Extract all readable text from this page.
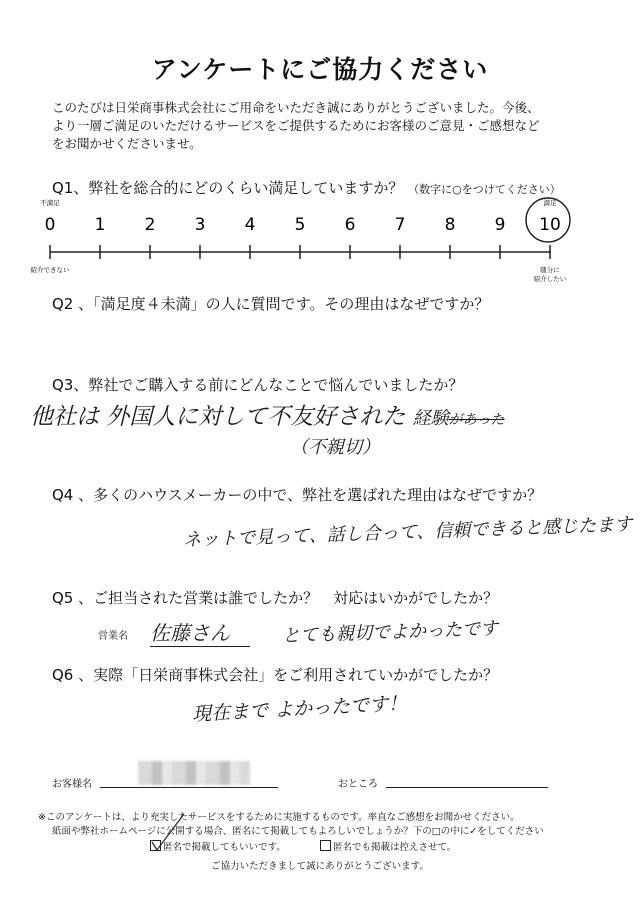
アンケートにご協力ください
このたびは日栄商事株式会社にご用命をいただき誠にありがとうございました。今後、
より一層ご満足のいただけるサービスをご提供するためにお客様のご意見・ご感想など
をお聞かせくださいませ。
Q1、弊社を総合的にどのくらい満足していますか？ （数字に○をつけてください）
不満足	満足
0 1 2 3 4 5 6 7 8 9 10
紹介できない	随分に
紹介したい
Q2 、「満足度４未満」の人に質問です。その理由はなぜですか？
Q3、弊社でご購入する前にどんなことで悩んでいましたか？
他社は 外国人に対して不友好された 経験があった
（不親切）
Q4 、多くのハウスメーカーの中で、弊社を選ばれた理由はなぜですか？
ネットで見って、話し合って、信頼できると感じたます
Q5 、ご担当された営業は誰でしたか？　対応はいかがでしたか？
営業名 佐藤さん	とても親切でよかったです
Q6 、実際「日栄商事株式会社」をご利用されていかがでしたか？
現在まで よかったです！
お客様名	おところ
※このアンケートは、より充実したサービスをするために実施するものです。率直なご感想をお聞かせください。
紙面や弊社ホームページに公開する場合、匿名にて掲載してもよろしいでしょうか？下の□の中に✓をしてください
匿名で掲載してもいいです。	匿名でも掲載は控えさせて。
ご協力いただきまして誠にありがとうございます。
